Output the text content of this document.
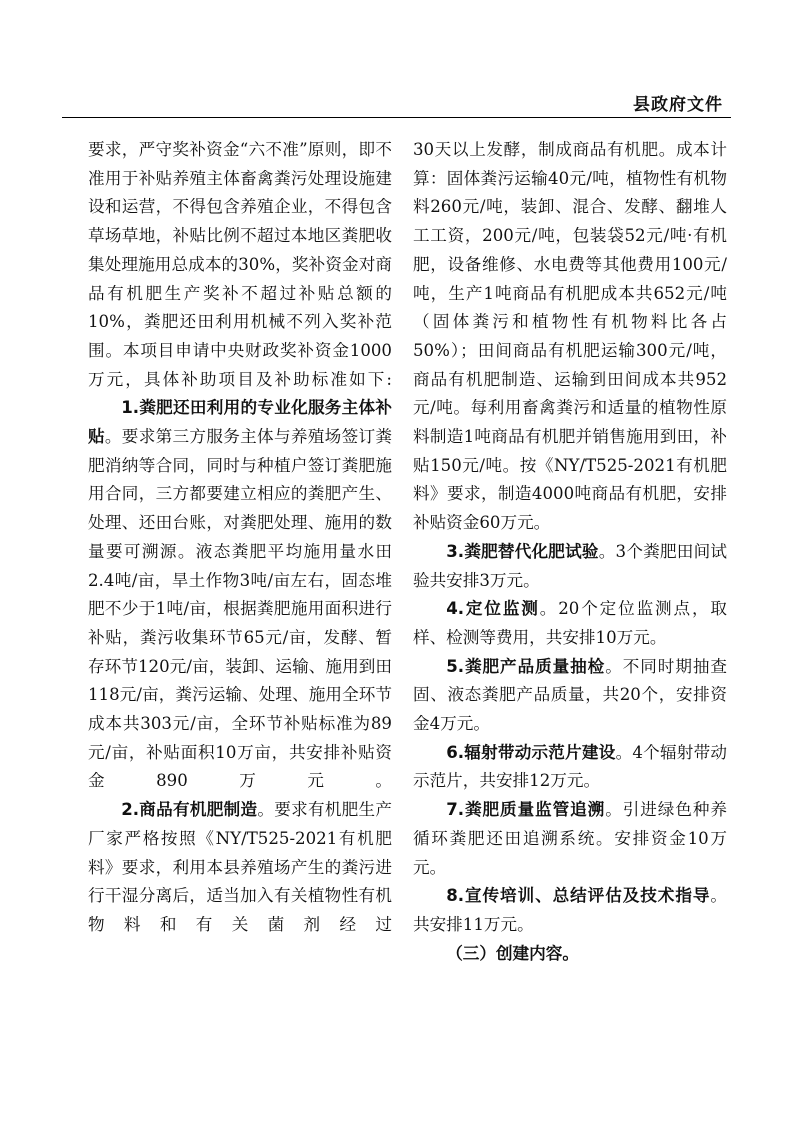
县政府文件

要求，严守奖补资金“六不准”原则，即不准用于补贴养殖主体畜禽粪污处理设施建设和运营，不得包含养殖企业，不得包含草场草地，补贴比例不超过本地区粪肥收集处理施用总成本的30%，奖补资金对商品有机肥生产奖补不超过补贴总额的10%，粪肥还田利用机械不列入奖补范围。本项目申请中央财政奖补资金1000万元，具体补助项目及补助标准如下:

1.粪肥还田利用的专业化服务主体补贴。要求第三方服务主体与养殖场签订粪肥消纳等合同，同时与种植户签订粪肥施用合同，三方都要建立相应的粪肥产生、处理、还田台账，对粪肥处理、施用的数量要可溯源。液态粪肥平均施用量水田2.4吨/亩，旱土作物3吨/亩左右，固态堆肥不少于1吨/亩，根据粪肥施用面积进行补贴，粪污收集环节65元/亩，发酵、暂存环节120元/亩，装卸、运输、施用到田118元/亩，粪污运输、处理、施用全环节成本共303元/亩，全环节补贴标准为89元/亩，补贴面积10万亩，共安排补贴资金890万元。

2.商品有机肥制造。要求有机肥生产厂家严格按照《NY/T525-2021有机肥料》要求，利用本县养殖场产生的粪污进行干湿分离后，适当加入有关植物性有机物料和有关菌剂经过

30天以上发酵，制成商品有机肥。成本计算：固体粪污运输40元/吨，植物性有机物料260元/吨，装卸、混合、发酵、翻堆人工工资，200元/吨，包装袋52元/吨·有机肥，设备维修、水电费等其他费用100元/吨，生产1吨商品有机肥成本共652元/吨（固体粪污和植物性有机物料比各占50%）；田间商品有机肥运输300元/吨，商品有机肥制造、运输到田间成本共952元/吨。每利用畜禽粪污和适量的植物性原料制造1吨商品有机肥并销售施用到田，补贴150元/吨。按《NY/T525-2021有机肥料》要求，制造4000吨商品有机肥，安排补贴资金60万元。

3.粪肥替代化肥试验。3个粪肥田间试验共安排3万元。

4.定位监测。20个定位监测点，取样、检测等费用，共安排10万元。

5.粪肥产品质量抽检。不同时期抽查固、液态粪肥产品质量，共20个，安排资金4万元。

6.辐射带动示范片建设。4个辐射带动示范片，共安排12万元。

7.粪肥质量监管追溯。引进绿色种养循环粪肥还田追溯系统。安排资金10万元。

8.宣传培训、总结评估及技术指导。共安排11万元。

（三）创建内容。
